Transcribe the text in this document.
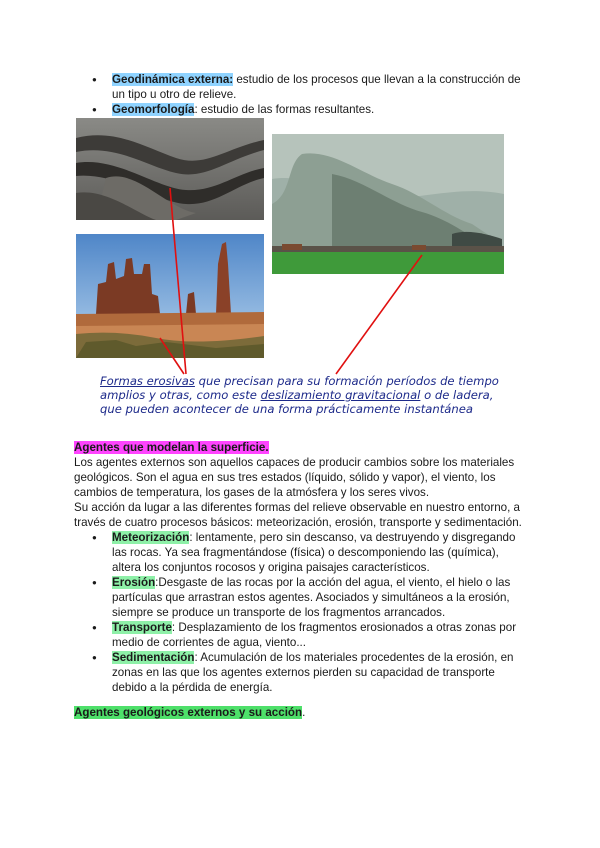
● Geodinámica externa: estudio de los procesos que llevan a la construcción de un tipo u otro de relieve.
● Geomorfología: estudio de las formas resultantes.
Formas erosivas que precisan para su formación períodos de tiempo amplios y otras, como este deslizamiento gravitacional o de ladera, que pueden acontecer de una forma prácticamente instantánea
Agentes que modelan la superficie.
Los agentes externos son aquellos capaces de producir cambios sobre los materiales geológicos. Son el agua en sus tres estados (líquido, sólido y vapor), el viento, los cambios de temperatura, los gases de la atmósfera y los seres vivos.
Su acción da lugar a las diferentes formas del relieve observable en nuestro entorno, a través de cuatro procesos básicos: meteorización, erosión, transporte y sedimentación.
● Meteorización: lentamente, pero sin descanso, va destruyendo y disgregando las rocas. Ya sea fragmentándose (física) o descomponiendo las (química), altera los conjuntos rocosos y origina paisajes característicos.
● Erosión:Desgaste de las rocas por la acción del agua, el viento, el hielo o las partículas que arrastran estos agentes. Asociados y simultáneos a la erosión, siempre se produce un transporte de los fragmentos arrancados.
● Transporte: Desplazamiento de los fragmentos erosionados a otras zonas por medio de corrientes de agua, viento...
● Sedimentación: Acumulación de los materiales procedentes de la erosión, en zonas en las que los agentes externos pierden su capacidad de transporte debido a la pérdida de energía.
Agentes geológicos externos y su acción.
